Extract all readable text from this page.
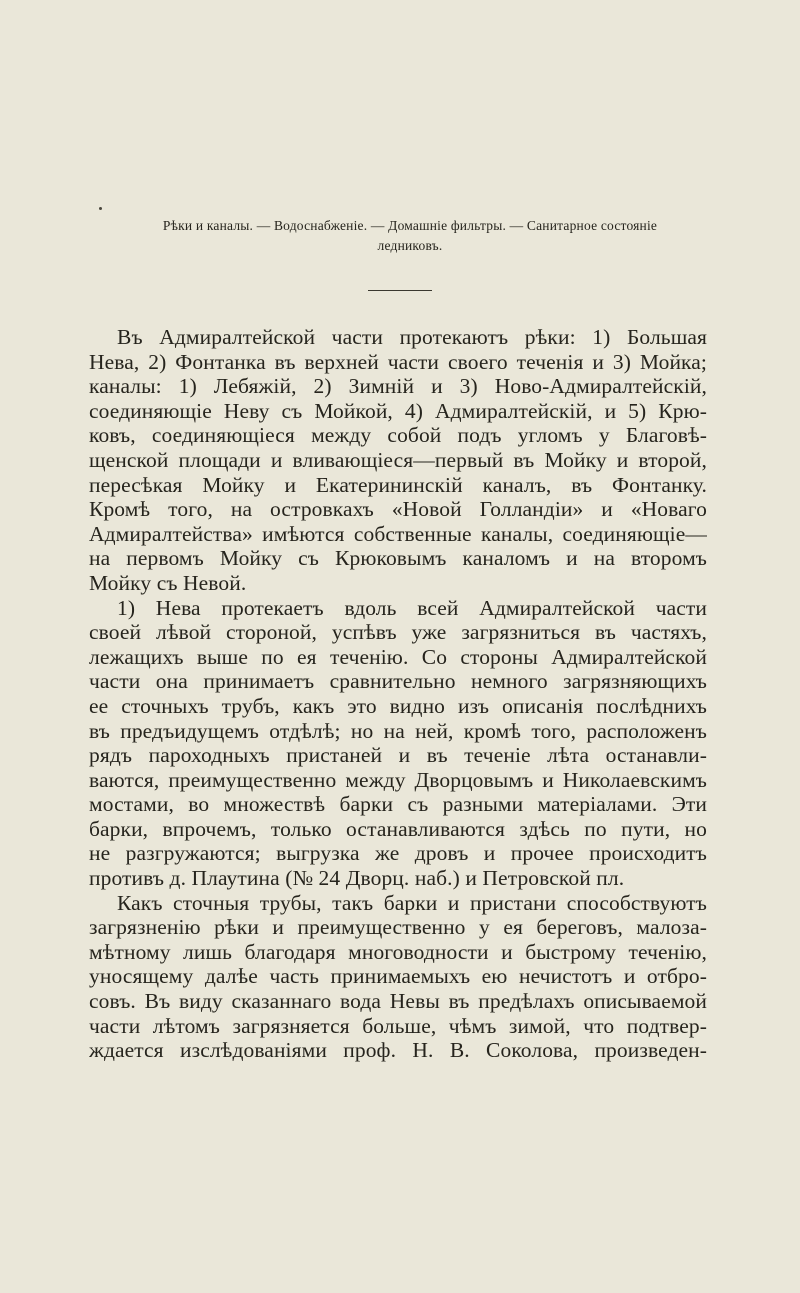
Рѣки и каналы. — Водоснабженіе. — Домашніе фильтры. — Санитарное состояніе
ледниковъ.
Въ Адмиралтейской части протекаютъ рѣки: 1) Большая
Нева, 2) Фонтанка въ верхней части своего теченія и 3) Мойка;
каналы: 1) Лебяжій, 2) Зимній и 3) Ново-Адмиралтейскій,
соединяющіе Неву съ Мойкой, 4) Адмиралтейскій, и 5) Крю-
ковъ, соединяющіеся между собой подъ угломъ у Благовѣ-
щенской площади и вливающіеся—первый въ Мойку и второй,
пересѣкая Мойку и Екатерининскій каналъ, въ Фонтанку.
Кромѣ того, на островкахъ «Новой Голландіи» и «Новаго
Адмиралтейства» имѣются собственные каналы, соединяющіе—
на первомъ Мойку съ Крюковымъ каналомъ и на второмъ
Мойку съ Невой.
1) Нева протекаетъ вдоль всей Адмиралтейской части
своей лѣвой стороной, успѣвъ уже загрязниться въ частяхъ,
лежащихъ выше по ея теченію. Со стороны Адмиралтейской
части она принимаетъ сравнительно немного загрязняющихъ
ее сточныхъ трубъ, какъ это видно изъ описанія послѣднихъ
въ предъидущемъ отдѣлѣ; но на ней, кромѣ того, расположенъ
рядъ пароходныхъ пристаней и въ теченіе лѣта останавли-
ваются, преимущественно между Дворцовымъ и Николаевскимъ
мостами, во множествѣ барки съ разными матеріалами. Эти
барки, впрочемъ, только останавливаются здѣсь по пути, но
не разгружаются; выгрузка же дровъ и прочее происходитъ
противъ д. Плаутина (№ 24 Дворц. наб.) и Петровской пл.
Какъ сточныя трубы, такъ барки и пристани способствуютъ
загрязненію рѣки и преимущественно у ея береговъ, малоза-
мѣтному лишь благодаря многоводности и быстрому теченію,
уносящему далѣе часть принимаемыхъ ею нечистотъ и отбро-
совъ. Въ виду сказаннаго вода Невы въ предѣлахъ описываемой
части лѣтомъ загрязняется больше, чѣмъ зимой, что подтвер-
ждается изслѣдованіями проф. Н. В. Соколова, произведен-
